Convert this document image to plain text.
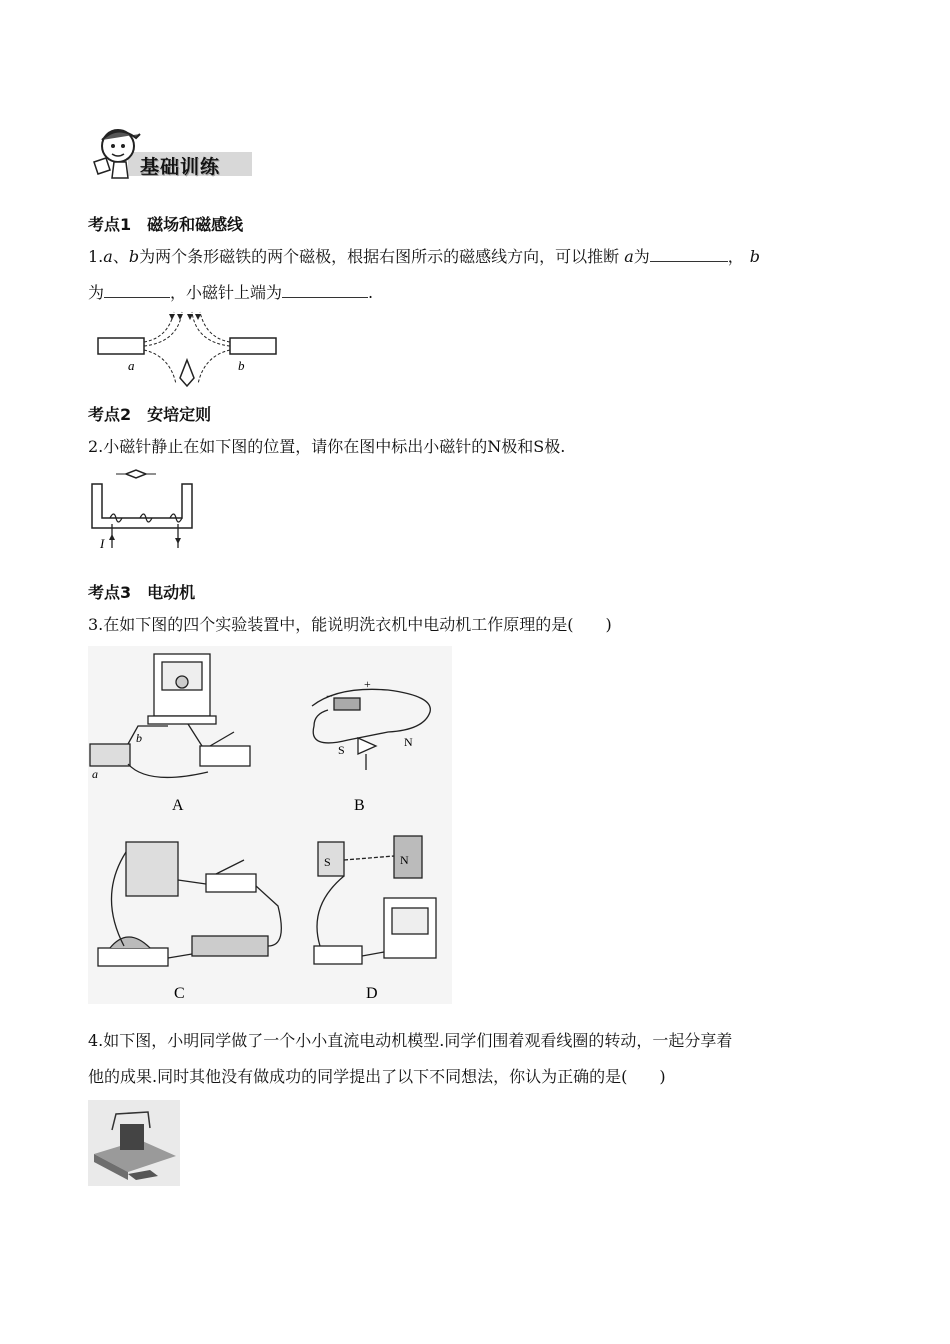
基础训练
考点1　磁场和磁感线
1.a、b为两个条形磁铁的两个磁极，根据右图所示的磁感线方向，可以推断 a为	， b
为	，小磁针上端为	.
a	b
考点2　安培定则
2.小磁针静止在如下图的位置，请你在图中标出小磁针的N极和S极.
I
考点3　电动机
3.在如下图的四个实验装置中，能说明洗衣机中电动机工作原理的是(　　)
A
b
a
B
S
N
−
+
C	D
S	N
4.如下图，小明同学做了一个小小直流电动机模型.同学们围着观看线圈的转动，一起分享着
他的成果.同时其他没有做成功的同学提出了以下不同想法，你认为正确的是(　　)
